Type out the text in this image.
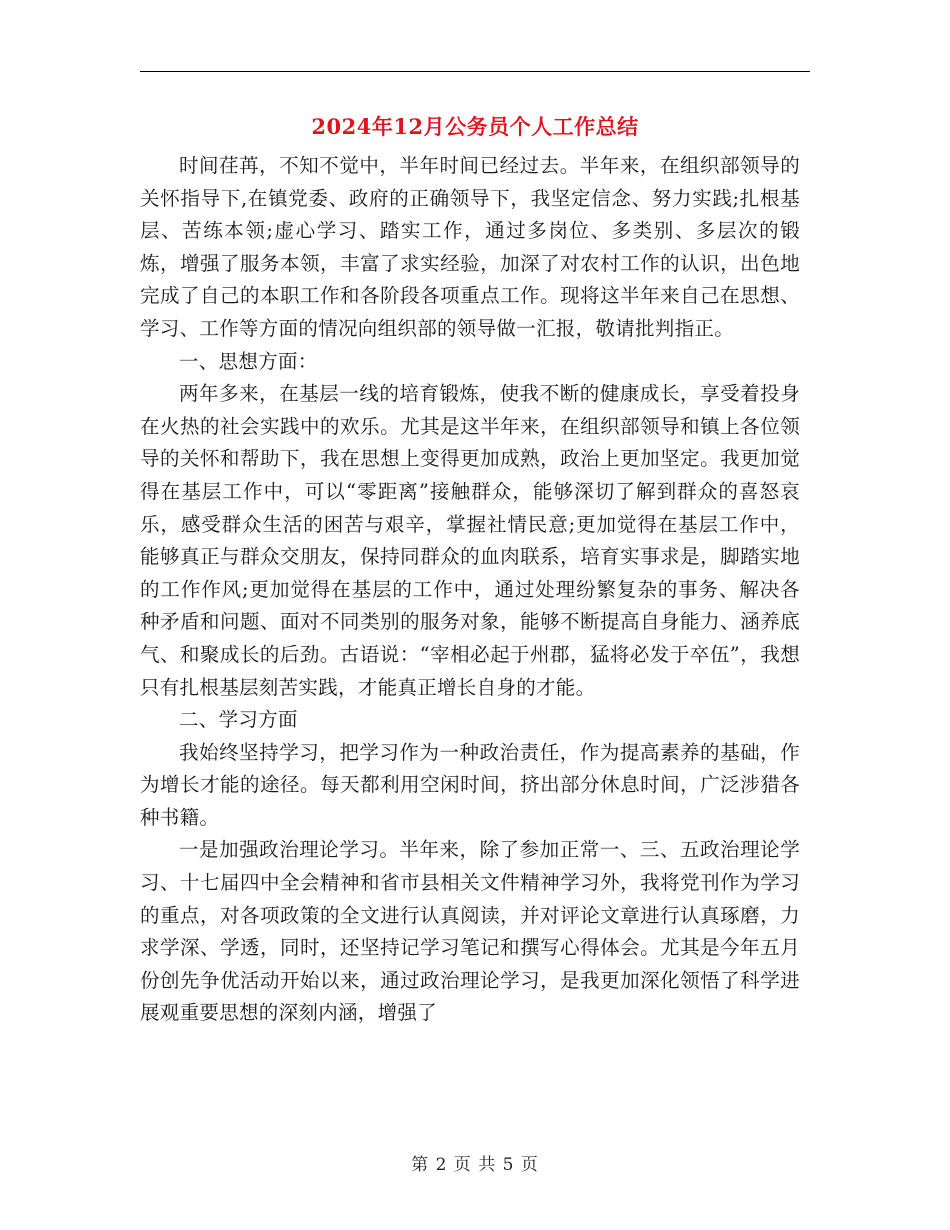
2024年12月公务员个人工作总结

时间荏苒，不知不觉中，半年时间已经过去。半年来，在组织部领导的关怀指导下,在镇党委、政府的正确领导下，我坚定信念、努力实践;扎根基层、苦练本领;虚心学习、踏实工作，通过多岗位、多类别、多层次的锻炼，增强了服务本领，丰富了求实经验，加深了对农村工作的认识，出色地完成了自己的本职工作和各阶段各项重点工作。现将这半年来自己在思想、学习、工作等方面的情况向组织部的领导做一汇报，敬请批判指正。

一、思想方面：

两年多来，在基层一线的培育锻炼，使我不断的健康成长，享受着投身在火热的社会实践中的欢乐。尤其是这半年来，在组织部领导和镇上各位领导的关怀和帮助下，我在思想上变得更加成熟，政治上更加坚定。我更加觉得在基层工作中，可以“零距离”接触群众，能够深切了解到群众的喜怒哀乐，感受群众生活的困苦与艰辛，掌握社情民意;更加觉得在基层工作中，能够真正与群众交朋友，保持同群众的血肉联系，培育实事求是，脚踏实地的工作作风;更加觉得在基层的工作中，通过处理纷繁复杂的事务、解决各种矛盾和问题、面对不同类别的服务对象，能够不断提高自身能力、涵养底气、和聚成长的后劲。古语说：“宰相必起于州郡，猛将必发于卒伍”，我想只有扎根基层刻苦实践，才能真正增长自身的才能。

二、学习方面

我始终坚持学习，把学习作为一种政治责任，作为提高素养的基础，作为增长才能的途径。每天都利用空闲时间，挤出部分休息时间，广泛涉猎各种书籍。

一是加强政治理论学习。半年来，除了参加正常一、三、五政治理论学习、十七届四中全会精神和省市县相关文件精神学习外，我将党刊作为学习的重点，对各项政策的全文进行认真阅读，并对评论文章进行认真琢磨，力求学深、学透，同时，还坚持记学习笔记和撰写心得体会。尤其是今年五月份创先争优活动开始以来，通过政治理论学习，是我更加深化领悟了科学进展观重要思想的深刻内涵，增强了

第 2 页 共 5 页
